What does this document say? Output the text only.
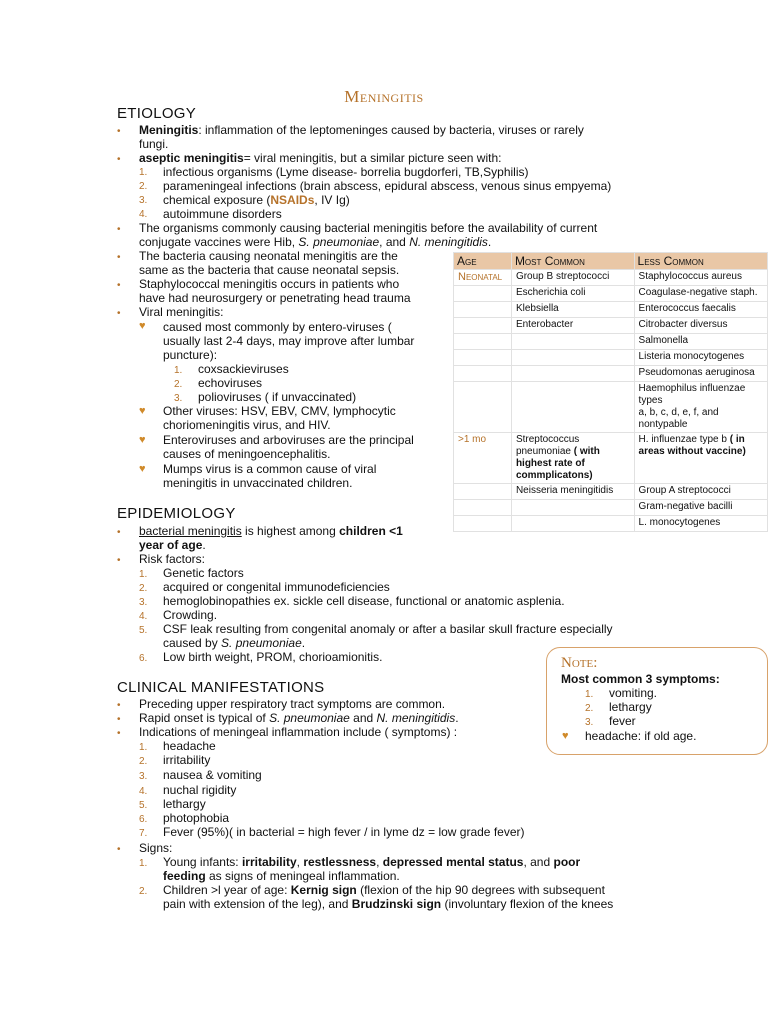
Meningitis
ETIOLOGY
• Meningitis: inflammation of the leptomeninges caused by bacteria, viruses or rarely
fungi.
• aseptic meningitis= viral meningitis, but a similar picture seen with:
1. infectious organisms (Lyme disease- borrelia bugdorferi, TB,Syphilis)
2. parameningeal infections (brain abscess, epidural abscess, venous sinus empyema)
3. chemical exposure (NSAIDs, IV Ig)
4. autoimmune disorders
• The organisms commonly causing bacterial meningitis before the availability of current
conjugate vaccines were Hib, S. pneumoniae, and N. meningitidis.
• The bacteria causing neonatal meningitis are the
same as the bacteria that cause neonatal sepsis.
• Staphylococcal meningitis occurs in patients who
have had neurosurgery or penetrating head trauma
• Viral meningitis:
♥ caused most commonly by entero-viruses (
usually last 2-4 days, may improve after lumbar
puncture):
1. coxsackieviruses
2. echoviruses
3. polioviruses ( if unvaccinated)
♥ Other viruses: HSV, EBV, CMV, lymphocytic
choriomeningitis virus, and HIV.
♥ Enteroviruses and arboviruses are the principal
causes of meningoencephalitis.
♥ Mumps virus is a common cause of viral
meningitis in unvaccinated children.
Age	Most Common	Less Common
Neonatal	Group B streptococci	Staphylococcus aureus
	Escherichia coli	Coagulase-negative staph.
	Klebsiella	Enterococcus faecalis
	Enterobacter	Citrobacter diversus
		Salmonella
		Listeria monocytogenes
		Pseudomonas aeruginosa
		Haemophilus influenzae
types
a, b, c, d, e, f, and
nontypable
>1 mo	Streptococcus
pneumoniae ( with
highest rate of
commplicatons)	H. influenzae type b ( in
areas without vaccine)
	Neisseria meningitidis	Group A streptococci
		Gram-negative bacilli
		L. monocytogenes
EPIDEMIOLOGY
• bacterial meningitis is highest among children <1
year of age.
• Risk factors:
1. Genetic factors
2. acquired or congenital immunodeficiencies
3. hemoglobinopathies ex. sickle cell disease, functional or anatomic asplenia.
4. Crowding.
5. CSF leak resulting from congenital anomaly or after a basilar skull fracture especially
caused by S. pneumoniae.
6. Low birth weight, PROM, chorioamionitis.	Note:
Most common 3 symptoms:
1. vomiting.
2. lethargy
3. fever
♥ headache: if old age.
CLINICAL MANIFESTATIONS
• Preceding upper respiratory tract symptoms are common.
• Rapid onset is typical of S. pneumoniae and N. meningitidis.
• Indications of meningeal inflammation include ( symptoms) :
1. headache
2. irritability
3. nausea & vomiting
4. nuchal rigidity
5. lethargy
6. photophobia
7. Fever (95%)( in bacterial = high fever / in lyme dz = low grade fever)
• Signs:
1. Young infants: irritability, restlessness, depressed mental status, and poor
feeding as signs of meningeal inflammation.
2. Children >l year of age: Kernig sign (flexion of the hip 90 degrees with subsequent
pain with extension of the leg), and Brudzinski sign (involuntary flexion of the knees
